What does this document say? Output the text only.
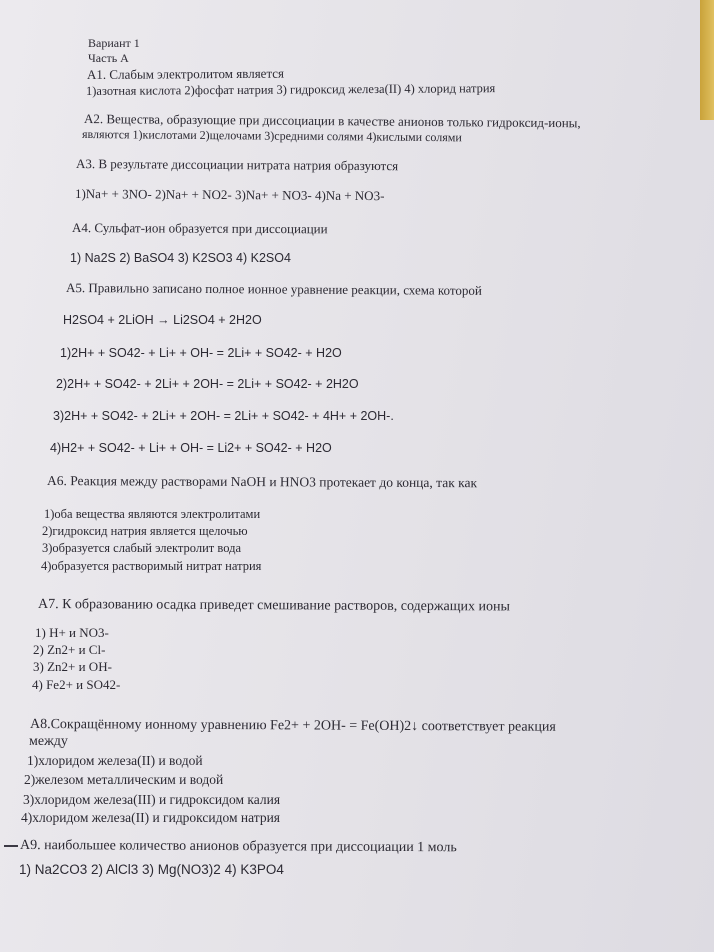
Вариант 1
Часть А
А1. Слабым электролитом является
1)азотная кислота 2)фосфат натрия 3) гидроксид железа(II) 4) хлорид натрия
А2. Вещества, образующие при диссоциации в качестве анионов только гидроксид-ионы,
являются 1)кислотами 2)щелочами 3)средними солями 4)кислыми солями
А3. В результате диссоциации нитрата натрия образуются
1)Na+ + 3NO- 2)Na+ + NO2- 3)Na+ + NO3- 4)Na + NO3-
А4. Сульфат-ион образуется при диссоциации
1) Na2S 2) BaSO4 3) K2SO3 4) K2SO4
А5. Правильно записано полное ионное уравнение реакции, схема которой
H2SO4 + 2LiOH → Li2SO4 + 2H2O
1)2H+ + SO42- + Li+ + OH- = 2Li+ + SO42- + H2O
2)2H+ + SO42- + 2Li+ + 2OH- = 2Li+ + SO42- + 2H2O
3)2H+ + SO42- + 2Li+ + 2OH- = 2Li+ + SO42- + 4H+ + 2OH-.
4)H2+ + SO42- + Li+ + OH- = Li2+ + SO42- + H2O
А6. Реакция между растворами NaOH и HNO3 протекает до конца, так как
1)оба вещества являются электролитами
2)гидроксид натрия является щелочью
3)образуется слабый электролит вода
4)образуется растворимый нитрат натрия
А7. К образованию осадка приведет смешивание растворов, содержащих ионы
1) H+ и NO3-
2) Zn2+ и Cl-
3) Zn2+ и OH-
4) Fe2+ и SO42-
А8.Сокращённому ионному уравнению Fe2+ + 2OH- = Fe(OH)2↓ соответствует реакция
между
1)хлоридом железа(II) и водой
2)железом металлическим и водой
3)хлоридом железа(III) и гидроксидом калия
4)хлоридом железа(II) и гидроксидом натрия
А9. наибольшее количество анионов образуется при диссоциации 1 моль
1) Na2CO3 2) AlCl3 3) Mg(NO3)2 4) K3PO4
